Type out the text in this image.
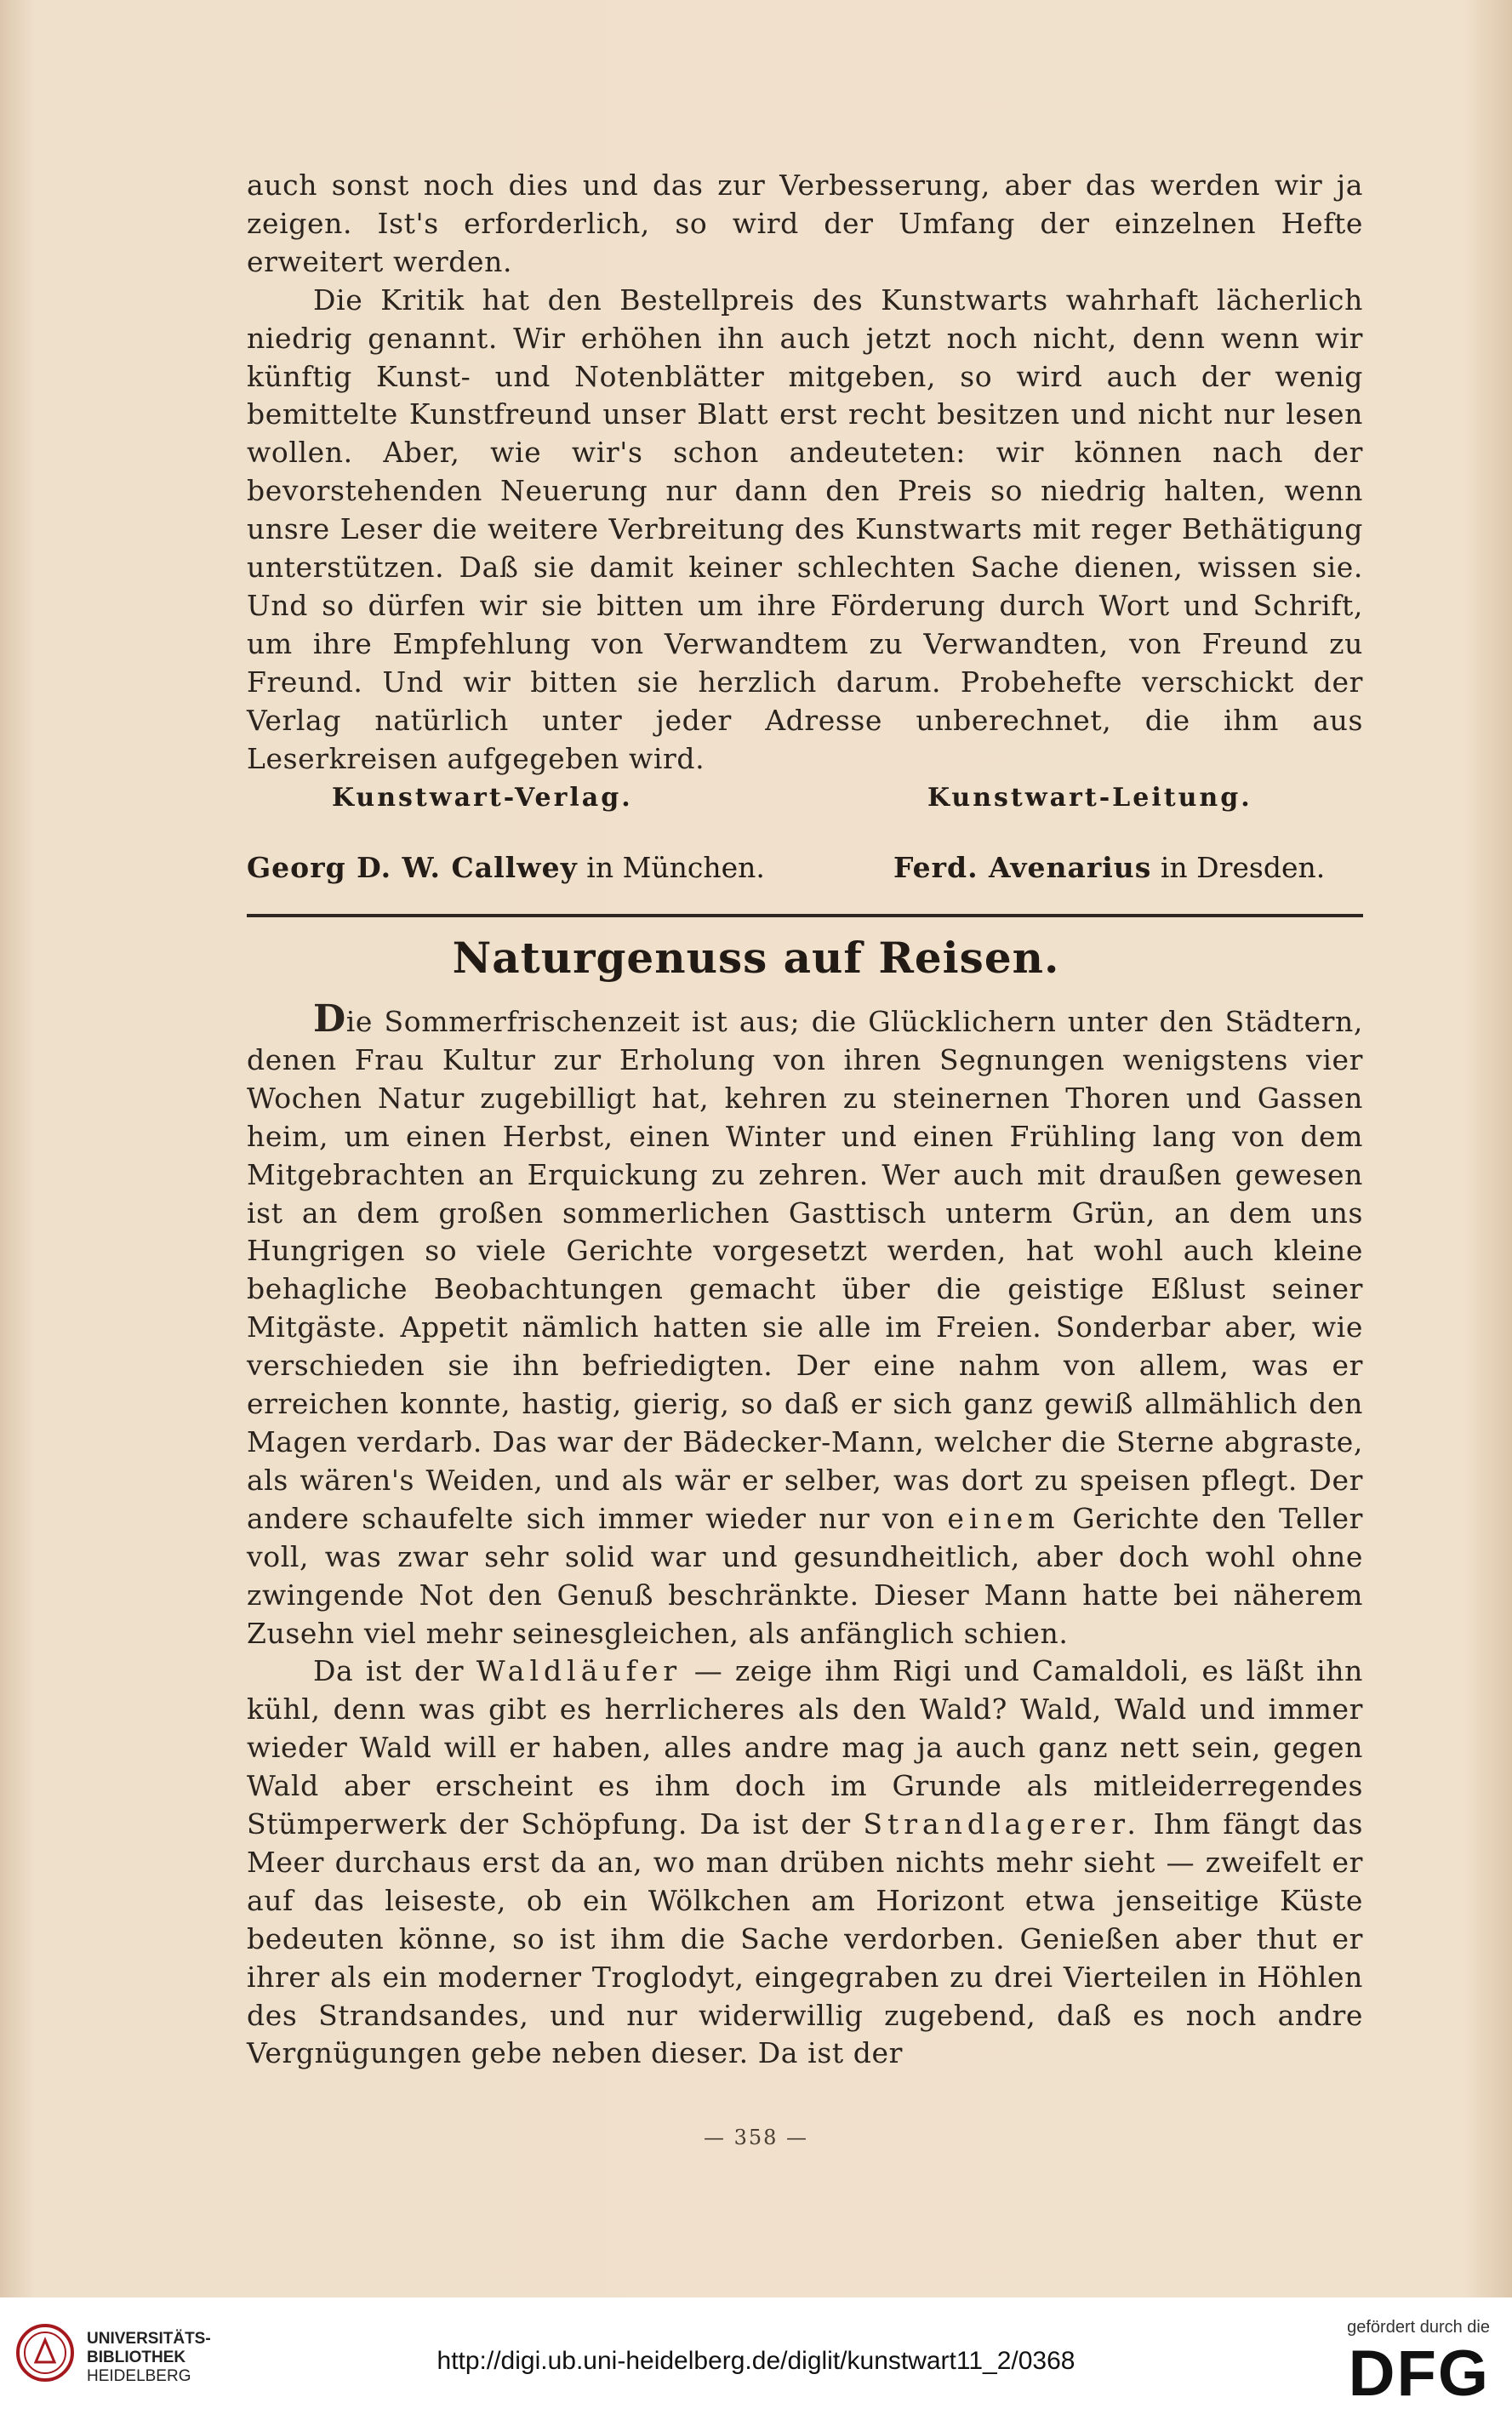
auch sonst noch dies und das zur Verbesserung, aber das werden wir ja zeigen. Ist's erforderlich, so wird der Umfang der einzelnen Hefte erweitert werden.

Die Kritik hat den Bestellpreis des Kunstwarts wahrhaft lächerlich niedrig genannt. Wir erhöhen ihn auch jetzt noch nicht, denn wenn wir künftig Kunst- und Notenblätter mitgeben, so wird auch der wenig bemittelte Kunstfreund unser Blatt erst recht besitzen und nicht nur lesen wollen. Aber, wie wir's schon andeuteten: wir können nach der bevorstehenden Neuerung nur dann den Preis so niedrig halten, wenn unsre Leser die weitere Verbreitung des Kunstwarts mit reger Bethätigung unterstützen. Daß sie damit keiner schlechten Sache dienen, wissen sie. Und so dürfen wir sie bitten um ihre Förderung durch Wort und Schrift, um ihre Empfehlung von Verwandtem zu Verwandten, von Freund zu Freund. Und wir bitten sie herzlich darum. Probehefte verschickt der Verlag natürlich unter jeder Adresse unberechnet, die ihm aus Leserkreisen aufgegeben wird.

Kunstwart-Verlag.	Kunstwart-Leitung.
Georg D. W. Callwey in München.	Ferd. Avenarius in Dresden.
Naturgenuss auf Reisen.

Die Sommerfrischenzeit ist aus; die Glücklichern unter den Städtern, denen Frau Kultur zur Erholung von ihren Segnungen wenigstens vier Wochen Natur zugebilligt hat, kehren zu steinernen Thoren und Gassen heim, um einen Herbst, einen Winter und einen Frühling lang von dem Mitgebrachten an Erquickung zu zehren. Wer auch mit draußen gewesen ist an dem großen sommerlichen Gasttisch unterm Grün, an dem uns Hungrigen so viele Gerichte vorgesetzt werden, hat wohl auch kleine behagliche Beobachtungen gemacht über die geistige Eßlust seiner Mitgäste. Appetit nämlich hatten sie alle im Freien. Sonderbar aber, wie verschieden sie ihn befriedigten. Der eine nahm von allem, was er erreichen konnte, hastig, gierig, so daß er sich ganz gewiß allmählich den Magen verdarb. Das war der Bädecker-Mann, welcher die Sterne abgraste, als wären's Weiden, und als wär er selber, was dort zu speisen pflegt. Der andere schaufelte sich immer wieder nur von einem Gerichte den Teller voll, was zwar sehr solid war und gesundheitlich, aber doch wohl ohne zwingende Not den Genuß beschränkte. Dieser Mann hatte bei näherem Zusehn viel mehr seinesgleichen, als anfänglich schien.

Da ist der Waldläufer — zeige ihm Rigi und Camaldoli, es läßt ihn kühl, denn was gibt es herrlicheres als den Wald? Wald, Wald und immer wieder Wald will er haben, alles andre mag ja auch ganz nett sein, gegen Wald aber erscheint es ihm doch im Grunde als mitleiderregendes Stümperwerk der Schöpfung. Da ist der Strandlagerer. Ihm fängt das Meer durchaus erst da an, wo man drüben nichts mehr sieht — zweifelt er auf das leiseste, ob ein Wölkchen am Horizont etwa jenseitige Küste bedeuten könne, so ist ihm die Sache verdorben. Genießen aber thut er ihrer als ein moderner Troglodyt, eingegraben zu drei Vierteilen in Höhlen des Strandsandes, und nur widerwillig zugebend, daß es noch andre Vergnügungen gebe neben dieser. Da ist der

— 358 —
UNIVERSITÄTS-
BIBLIOTHEK
HEIDELBERG
http://digi.ub.uni-heidelberg.de/diglit/kunstwart11_2/0368
gefördert durch die
DFG
